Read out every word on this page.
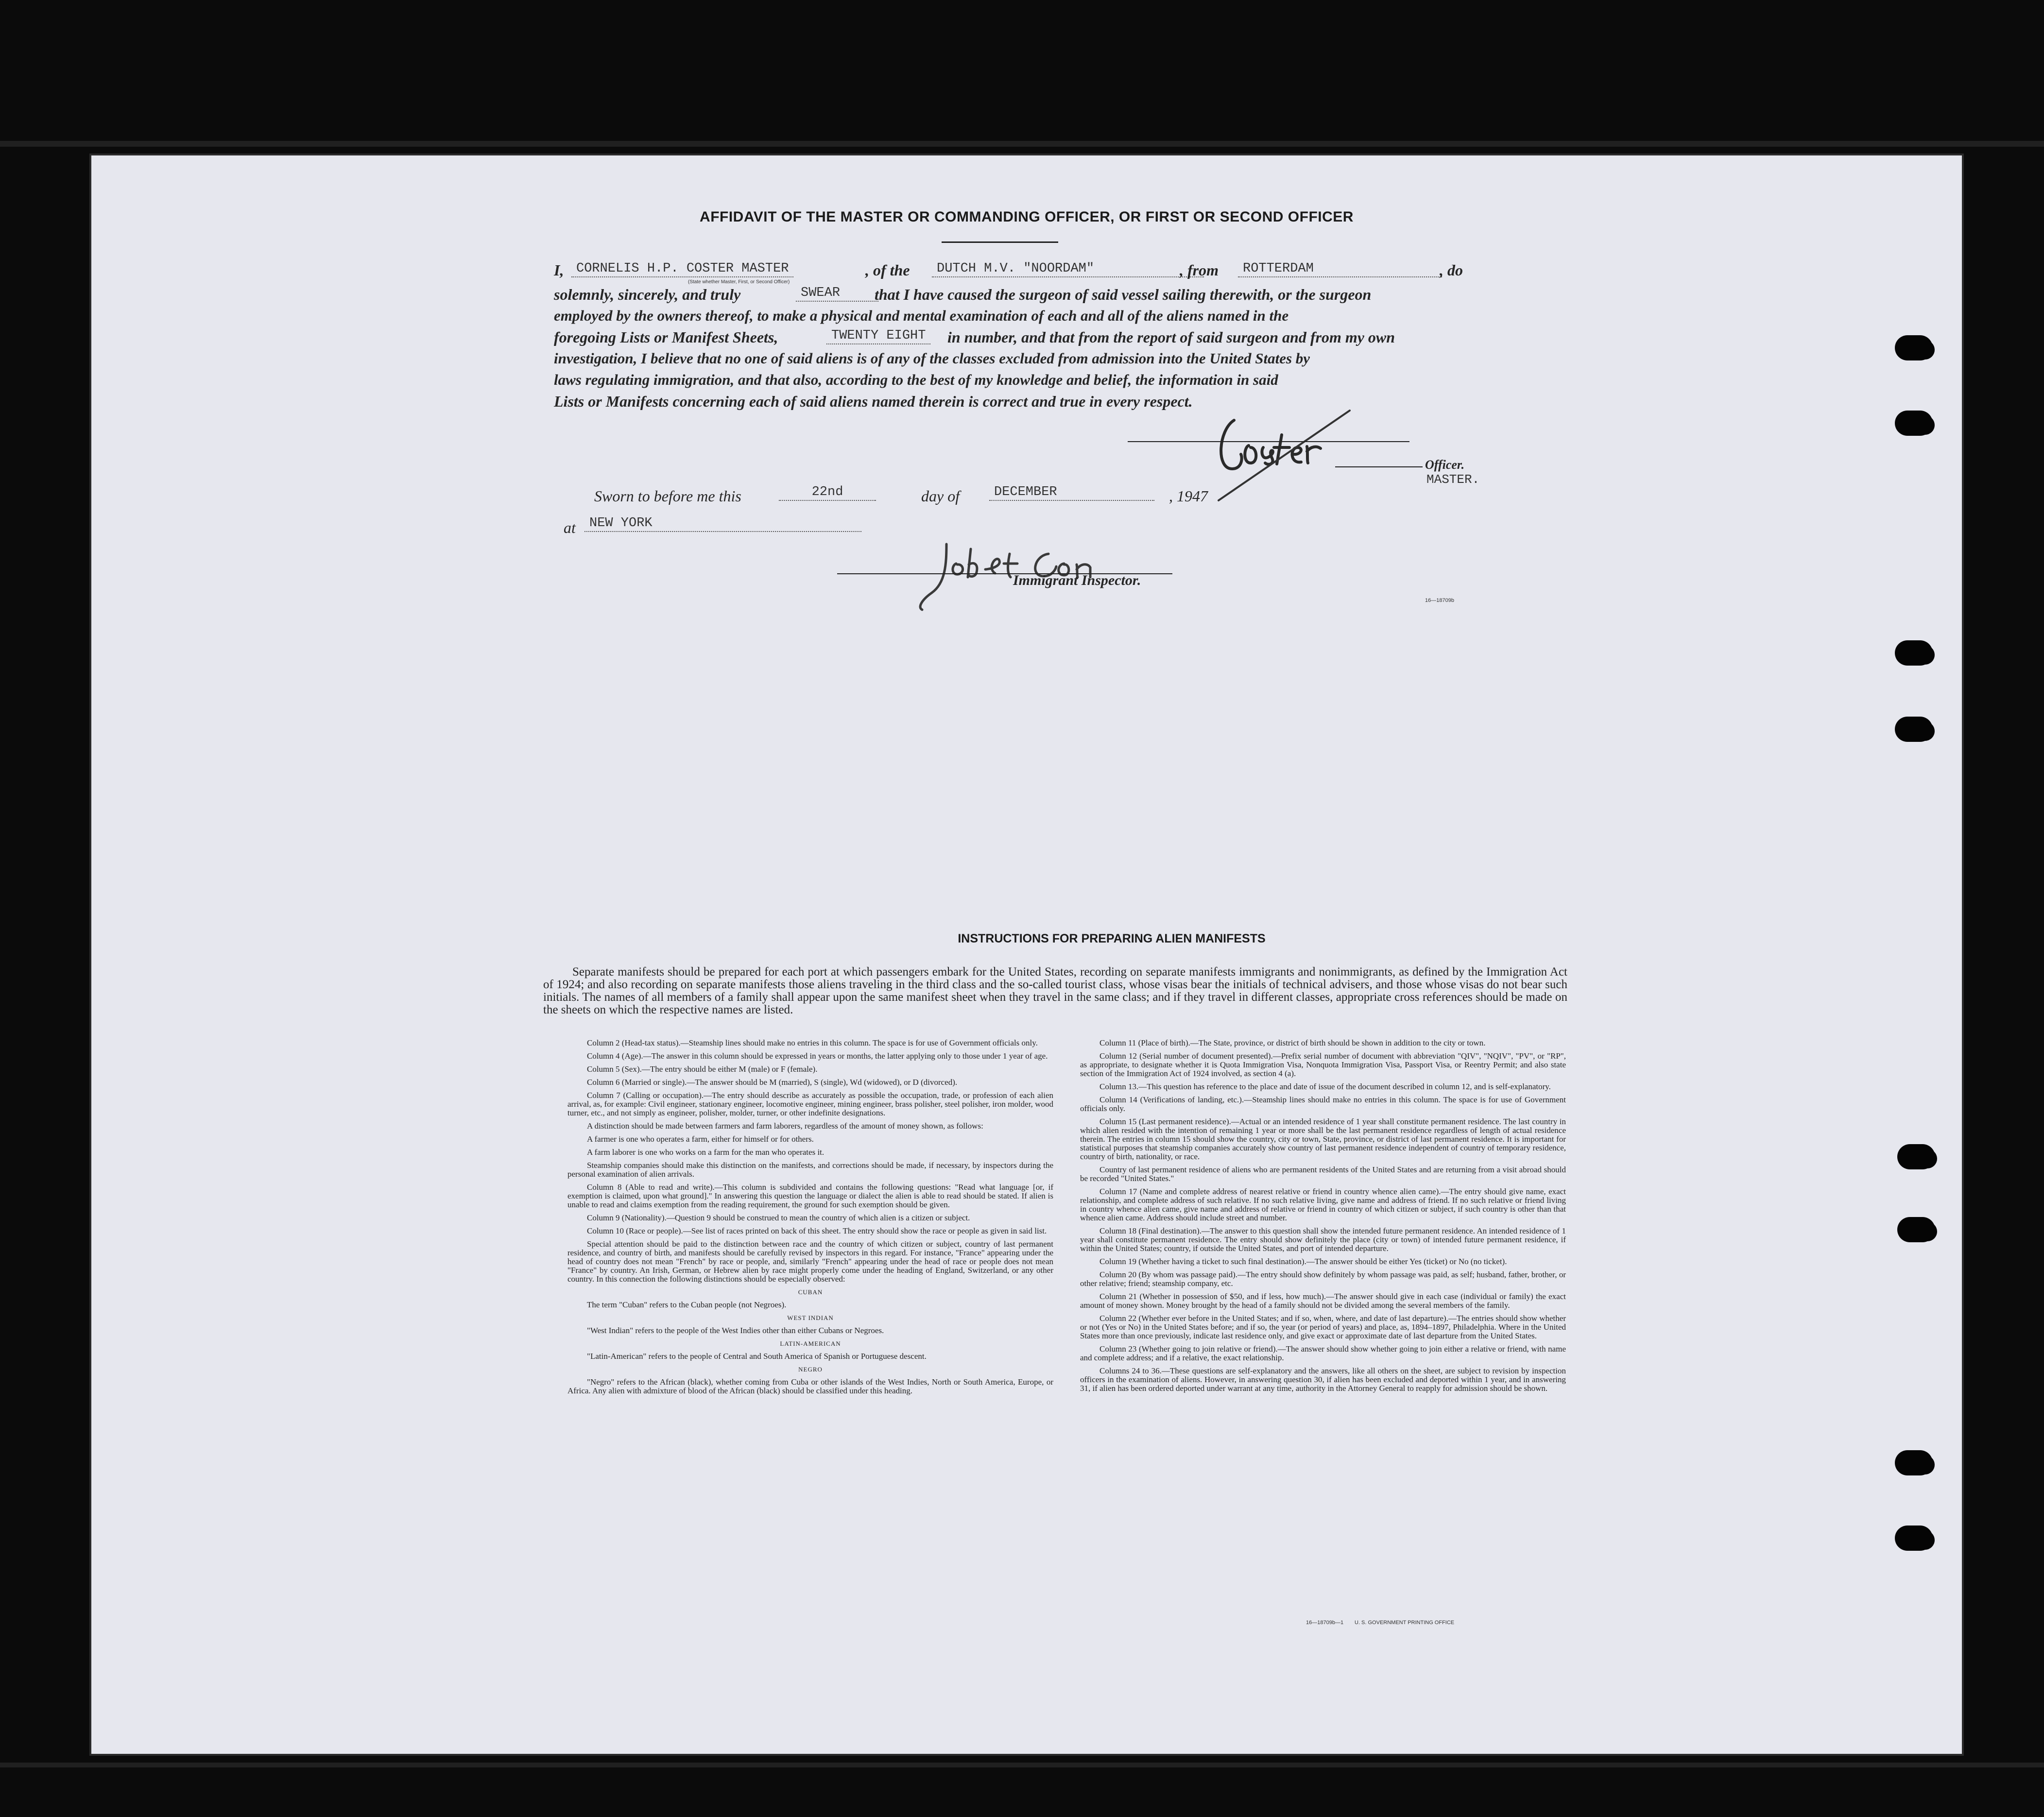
AFFIDAVIT OF THE MASTER OR COMMANDING OFFICER, OR FIRST OR SECOND OFFICER
I, CORNELIS H.P. COSTER MASTER	, of the	DUTCH M.V. "NOORDAM"	, from	ROTTERDAM	, do
(State whether Master, First, or Second Officer)
solemnly, sincerely, and truly	SWEAR	that I have caused the surgeon of said vessel sailing therewith, or the surgeon
employed by the owners thereof, to make a physical and mental examination of each and all of the aliens named in the
foregoing Lists or Manifest Sheets,	TWENTY EIGHT	in number, and that from the report of said surgeon and from my own
investigation, I believe that no one of said aliens is of any of the classes excluded from admission into the United States by
laws regulating immigration, and that also, according to the best of my knowledge and belief, the information in said
Lists or Manifests concerning each of said aliens named therein is correct and true in every respect.
Officer.
MASTER.
Sworn to before me this	22nd	day of	DECEMBER	, 1947
at	NEW YORK
Immigrant Inspector.
16—18709b
INSTRUCTIONS FOR PREPARING ALIEN MANIFESTS
Separate manifests should be prepared for each port at which passengers embark for the United States, recording on separate manifests immigrants and nonimmigrants, as defined by the Immigration Act of 1924; and also recording on separate manifests those aliens traveling in the third class and the so-called tourist class, whose visas bear the initials of technical advisers, and those whose visas do not bear such initials. The names of all members of a family shall appear upon the same manifest sheet when they travel in the same class; and if they travel in different classes, appropriate cross references should be made on the sheets on which the respective names are listed.

Column 2 (Head-tax status).—Steamship lines should make no entries in this column. The space is for use of Government officials only.

Column 4 (Age).—The answer in this column should be expressed in years or months, the latter applying only to those under 1 year of age.

Column 5 (Sex).—The entry should be either M (male) or F (female).

Column 6 (Married or single).—The answer should be M (married), S (single), Wd (widowed), or D (divorced).

Column 7 (Calling or occupation).—The entry should describe as accurately as possible the occupation, trade, or profession of each alien arrival, as, for example: Civil engineer, stationary engineer, locomotive engineer, mining engineer, brass polisher, steel polisher, iron molder, wood turner, etc., and not simply as engineer, polisher, molder, turner, or other indefinite designations.

A distinction should be made between farmers and farm laborers, regardless of the amount of money shown, as follows:

A farmer is one who operates a farm, either for himself or for others.

A farm laborer is one who works on a farm for the man who operates it.

Steamship companies should make this distinction on the manifests, and corrections should be made, if necessary, by inspectors during the personal examination of alien arrivals.

Column 8 (Able to read and write).—This column is subdivided and contains the following questions: "Read what language [or, if exemption is claimed, upon what ground]." In answering this question the language or dialect the alien is able to read should be stated. If alien is unable to read and claims exemption from the reading requirement, the ground for such exemption should be given.

Column 9 (Nationality).—Question 9 should be construed to mean the country of which alien is a citizen or subject.

Column 10 (Race or people).—See list of races printed on back of this sheet. The entry should show the race or people as given in said list.

Special attention should be paid to the distinction between race and the country of which citizen or subject, country of last permanent residence, and country of birth, and manifests should be carefully revised by inspectors in this regard. For instance, "France" appearing under the head of country does not mean "French" by race or people, and, similarly "French" appearing under the head of race or people does not mean "France" by country. An Irish, German, or Hebrew alien by race might properly come under the heading of England, Switzerland, or any other country. In this connection the following distinctions should be especially observed:

CUBAN

The term "Cuban" refers to the Cuban people (not Negroes).

WEST INDIAN

"West Indian" refers to the people of the West Indies other than either Cubans or Negroes.

LATIN-AMERICAN

"Latin-American" refers to the people of Central and South America of Spanish or Portuguese descent.

NEGRO

"Negro" refers to the African (black), whether coming from Cuba or other islands of the West Indies, North or South America, Europe, or Africa. Any alien with admixture of blood of the African (black) should be classified under this heading.

Column 11 (Place of birth).—The State, province, or district of birth should be shown in addition to the city or town.

Column 12 (Serial number of document presented).—Prefix serial number of document with abbreviation "QIV", "NQIV", "PV", or "RP", as appropriate, to designate whether it is Quota Immigration Visa, Nonquota Immigration Visa, Passport Visa, or Reentry Permit; and also state section of the Immigration Act of 1924 involved, as section 4 (a).

Column 13.—This question has reference to the place and date of issue of the document described in column 12, and is self-explanatory.

Column 14 (Verifications of landing, etc.).—Steamship lines should make no entries in this column. The space is for use of Government officials only.

Column 15 (Last permanent residence).—Actual or an intended residence of 1 year shall constitute permanent residence. The last country in which alien resided with the intention of remaining 1 year or more shall be the last permanent residence regardless of length of actual residence therein. The entries in column 15 should show the country, city or town, State, province, or district of last permanent residence. It is important for statistical purposes that steamship companies accurately show country of last permanent residence independent of country of temporary residence, country of birth, nationality, or race.

Country of last permanent residence of aliens who are permanent residents of the United States and are returning from a visit abroad should be recorded "United States."

Column 17 (Name and complete address of nearest relative or friend in country whence alien came).—The entry should give name, exact relationship, and complete address of such relative. If no such relative living, give name and address of friend. If no such relative or friend living in country whence alien came, give name and address of relative or friend in country of which citizen or subject, if such country is other than that whence alien came. Address should include street and number.

Column 18 (Final destination).—The answer to this question shall show the intended future permanent residence. An intended residence of 1 year shall constitute permanent residence. The entry should show definitely the place (city or town) of intended future permanent residence, if within the United States; country, if outside the United States, and port of intended departure.

Column 19 (Whether having a ticket to such final destination).—The answer should be either Yes (ticket) or No (no ticket).

Column 20 (By whom was passage paid).—The entry should show definitely by whom passage was paid, as self; husband, father, brother, or other relative; friend; steamship company, etc.

Column 21 (Whether in possession of $50, and if less, how much).—The answer should give in each case (individual or family) the exact amount of money shown. Money brought by the head of a family should not be divided among the several members of the family.

Column 22 (Whether ever before in the United States; and if so, when, where, and date of last departure).—The entries should show whether or not (Yes or No) in the United States before; and if so, the year (or period of years) and place, as, 1894–1897, Philadelphia. Where in the United States more than once previously, indicate last residence only, and give exact or approximate date of last departure from the United States.

Column 23 (Whether going to join relative or friend).—The answer should show whether going to join either a relative or friend, with name and complete address; and if a relative, the exact relationship.

Columns 24 to 36.—These questions are self-explanatory and the answers, like all others on the sheet, are subject to revision by inspection officers in the examination of aliens. However, in answering question 30, if alien has been excluded and deported within 1 year, and in answering 31, if alien has been ordered deported under warrant at any time, authority in the Attorney General to reapply for admission should be shown.

16—18709b—1 U. S. GOVERNMENT PRINTING OFFICE
